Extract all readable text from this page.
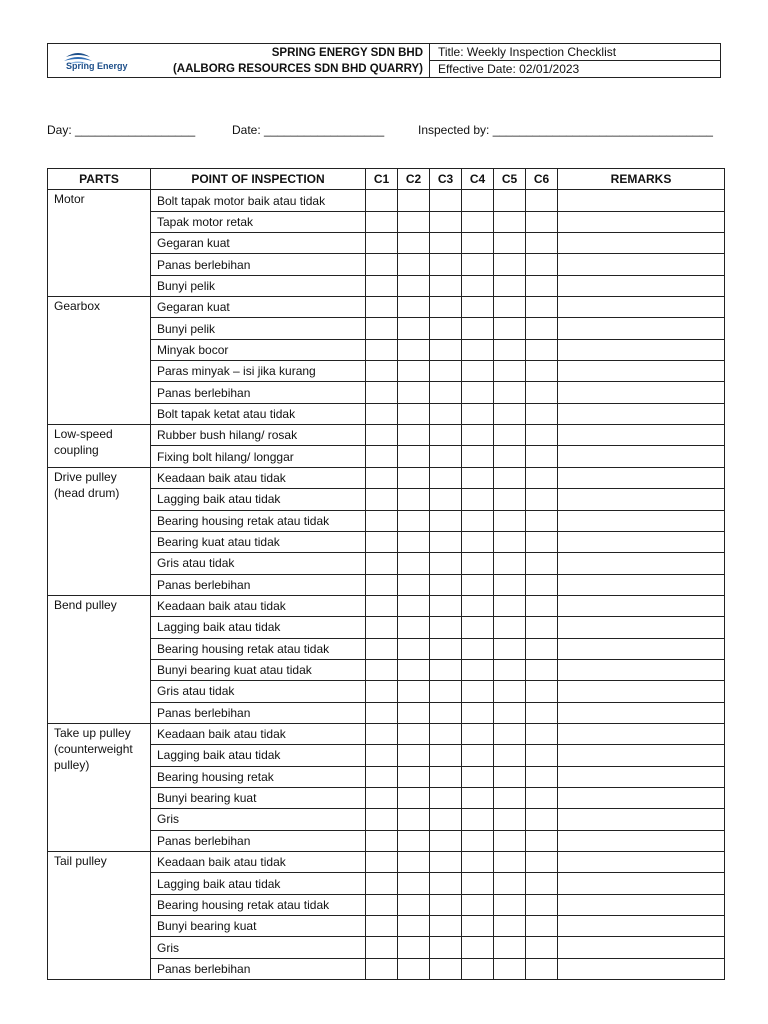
Spring Energy
SPRING ENERGY SDN BHD
(AALBORG RESOURCES SDN BHD QUARRY)
Title: Weekly Inspection Checklist
Effective Date: 02/01/2023
Day: __________________	Date: __________________	Inspected by: _________________________________
PARTS	POINT OF INSPECTION	C1	C2	C3	C4	C5	C6	REMARKS
Motor	Bolt tapak motor baik atau tidak							
	Tapak motor retak							
	Gegaran kuat							
	Panas berlebihan							
	Bunyi pelik							
Gearbox	Gegaran kuat							
	Bunyi pelik							
	Minyak bocor							
	Paras minyak – isi jika kurang							
	Panas berlebihan							
	Bolt tapak ketat atau tidak							
Low-speed coupling	Rubber bush hilang/ rosak							
	Fixing bolt hilang/ longgar							
Drive pulley (head drum)	Keadaan baik atau tidak							
	Lagging baik atau tidak							
	Bearing housing retak atau tidak							
	Bearing kuat atau tidak							
	Gris atau tidak							
	Panas berlebihan							
Bend pulley	Keadaan baik atau tidak							
	Lagging baik atau tidak							
	Bearing housing retak atau tidak							
	Bunyi bearing kuat atau tidak							
	Gris atau tidak							
	Panas berlebihan							
Take up pulley (counterweight pulley)	Keadaan baik atau tidak							
	Lagging baik atau tidak							
	Bearing housing retak							
	Bunyi bearing kuat							
	Gris							
	Panas berlebihan							
Tail pulley	Keadaan baik atau tidak							
	Lagging baik atau tidak							
	Bearing housing retak atau tidak							
	Bunyi bearing kuat							
	Gris							
	Panas berlebihan							
